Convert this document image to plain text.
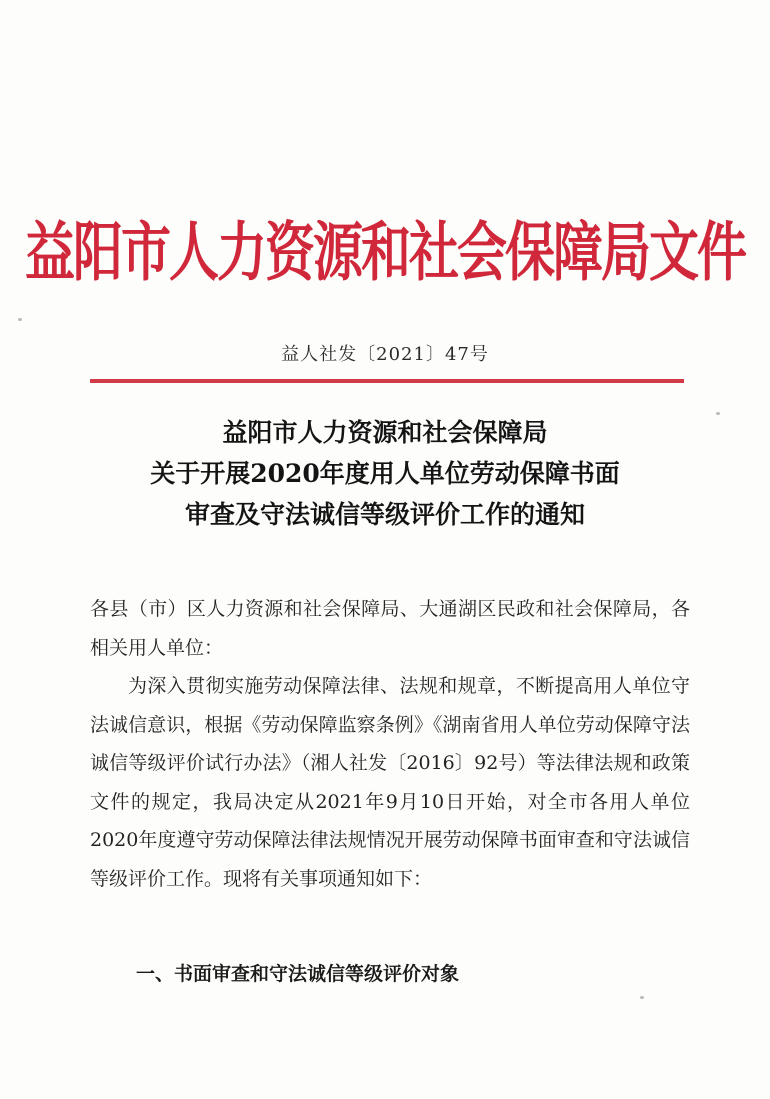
益阳市人力资源和社会保障局文件
益人社发〔2021〕47号
益阳市人力资源和社会保障局
关于开展2020年度用人单位劳动保障书面
审查及守法诚信等级评价工作的通知

各县（市）区人力资源和社会保障局、大通湖区民政和社会保障局，各相关用人单位：

为深入贯彻实施劳动保障法律、法规和规章，不断提高用人单位守法诚信意识，根据《劳动保障监察条例》《湖南省用人单位劳动保障守法诚信等级评价试行办法》（湘人社发〔2016〕92号）等法律法规和政策文件的规定，我局决定从2021年9月10日开始，对全市各用人单位2020年度遵守劳动保障法律法规情况开展劳动保障书面审查和守法诚信等级评价工作。现将有关事项通知如下：

一、书面审查和守法诚信等级评价对象
